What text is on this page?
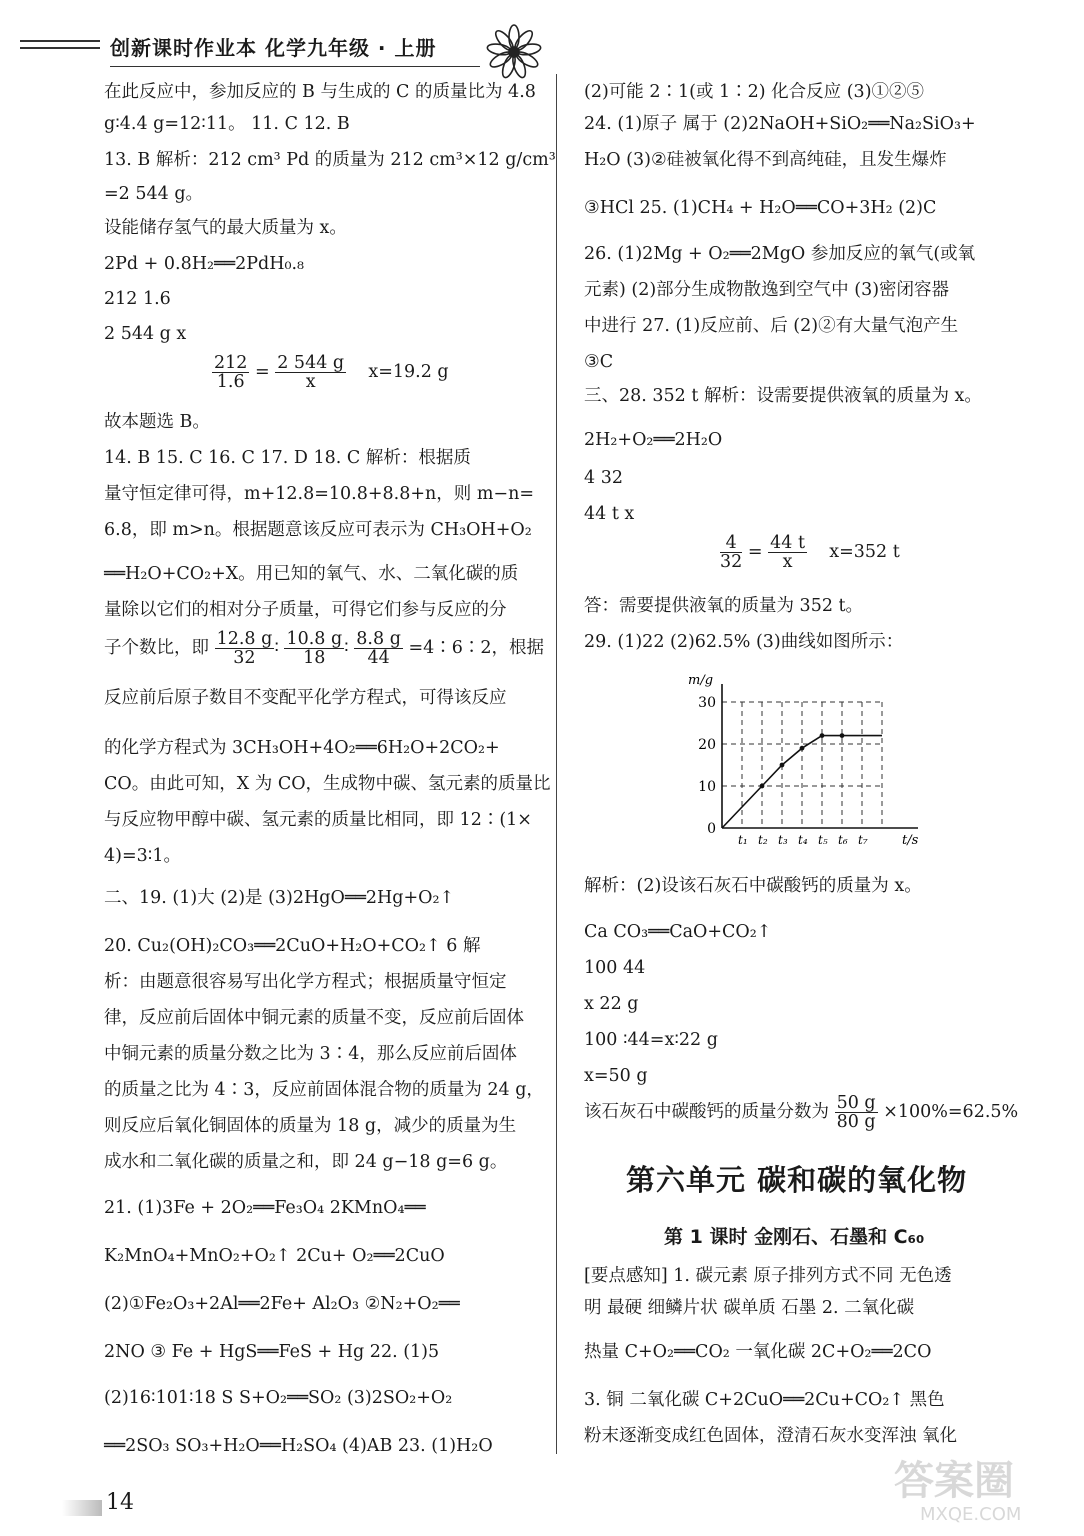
创新课时作业本 化学九年级 · 上册
在此反应中，参加反应的 B 与生成的 C 的质量比为 4.8
g∶4.4 g=12∶11。 11. C 12. B
13. B 解析：212 cm³ Pd 的质量为 212 cm³×12 g/cm³
=2 544 g。
设能储存氢气的最大质量为 x。
2Pd + 0.8H₂══2PdH₀.₈
212 1.6
2 544 g x
故本题选 B。
14. B 15. C 16. C 17. D 18. C 解析：根据质
量守恒定律可得，m+12.8=10.8+8.8+n，则 m−n=
6.8，即 m>n。根据题意该反应可表示为 CH₃OH+O₂
══H₂O+CO₂+X。用已知的氧气、水、二氧化碳的质
量除以它们的相对分子质量，可得它们参与反应的分
反应前后原子数目不变配平化学方程式，可得该反应
的化学方程式为 3CH₃OH+4O₂══6H₂O+2CO₂+
CO。由此可知，X 为 CO，生成物中碳、氢元素的质量比
与反应物甲醇中碳、氢元素的质量比相同，即 12∶(1×
4)=3∶1。
二、19. (1)大 (2)是 (3)2HgO══2Hg+O₂↑
20. Cu₂(OH)₂CO₃══2CuO+H₂O+CO₂↑ 6 解
析：由题意很容易写出化学方程式；根据质量守恒定
律，反应前后固体中铜元素的质量不变，反应前后固体
中铜元素的质量分数之比为 3∶4，那么反应前后固体
的质量之比为 4∶3，反应前固体混合物的质量为 24 g，
则反应后氧化铜固体的质量为 18 g，减少的质量为生
成水和二氧化碳的质量之和，即 24 g−18 g=6 g。
21. (1)3Fe + 2O₂══Fe₃O₄ 2KMnO₄══
K₂MnO₄+MnO₂+O₂↑ 2Cu+ O₂══2CuO
(2)①Fe₂O₃+2Al══2Fe+ Al₂O₃ ②N₂+O₂══
2NO ③ Fe + HgS══FeS + Hg 22. (1)5
(2)16∶101∶18 S S+O₂══SO₂ (3)2SO₂+O₂
══2SO₃ SO₃+H₂O══H₂SO₄ (4)AB 23. (1)H₂O
(2)可能 2∶1(或 1∶2) 化合反应 (3)①②⑤
24. (1)原子 属于 (2)2NaOH+SiO₂══Na₂SiO₃+
H₂O (3)②硅被氧化得不到高纯硅，且发生爆炸
③HCl 25. (1)CH₄ + H₂O══CO+3H₂ (2)C
26. (1)2Mg + O₂══2MgO 参加反应的氧气(或氧
元素) (2)部分生成物散逸到空气中 (3)密闭容器
中进行 27. (1)反应前、后 (2)②有大量气泡产生
③C
三、28. 352 t 解析：设需要提供液氧的质量为 x。
2H₂+O₂══2H₂O
4 32
44 t x
答：需要提供液氧的质量为 352 t。
29. (1)22 (2)62.5% (3)曲线如图所示：
解析：(2)设该石灰石中碳酸钙的质量为 x。
Ca CO₃══CaO+CO₂↑
100 44
x 22 g
100 ∶44=x∶22 g
x=50 g
[要点感知] 1. 碳元素 原子排列方式不同 无色透
明 最硬 细鳞片状 碳单质 石墨 2. 二氧化碳
热量 C+O₂══CO₂ 一氧化碳 2C+O₂══2CO
3. 铜 二氧化碳 C+2CuO══2Cu+CO₂↑ 黑色
粉末逐渐变成红色固体，澄清石灰水变浑浊 氧化
$\frac{212}{1.6} = \frac{2 544 g}{x} x=19.2$ g
子个数比，即 $\frac{12.8 g}{32}$ ∶ $\frac{10.8 g}{18}$ ∶ $\frac{8.8 g}{44}$ =4∶6∶2，根据
$\frac{4}{32} = \frac{44 t}{x} x=352$ t
该石灰石中碳酸钙的质量分数为 $\frac{50 g}{80 g} \times 100\%=62.5\%$
0
10
20
30
t₁ t₂ t₃ t₄ t₅ t₆ t₇
m/g
t/s
第六单元 碳和碳的氧化物
第 1 课时 金刚石、石墨和 C₆₀
14	答案圈
MXQE.COM
